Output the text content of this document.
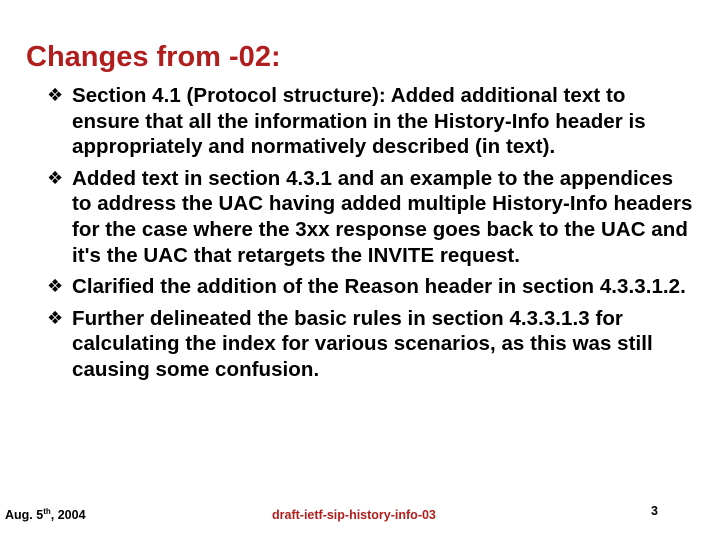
Changes from -02:
❖ Section 4.1 (Protocol structure): Added additional text to ensure that all the information in the History-Info header is appropriately and normatively described (in text).
❖ Added text in section 4.3.1 and an example to the appendices to address the UAC having added multiple History-Info headers for the case where the 3xx response goes back to the UAC and it's the UAC that retargets the INVITE request.
❖ Clarified the addition of the Reason header in section 4.3.3.1.2.
❖ Further delineated the basic rules in section 4.3.3.1.3 for calculating the index for various scenarios, as this was still causing some confusion.
Aug. 5th, 2004	draft-ietf-sip-history-info-03	3
